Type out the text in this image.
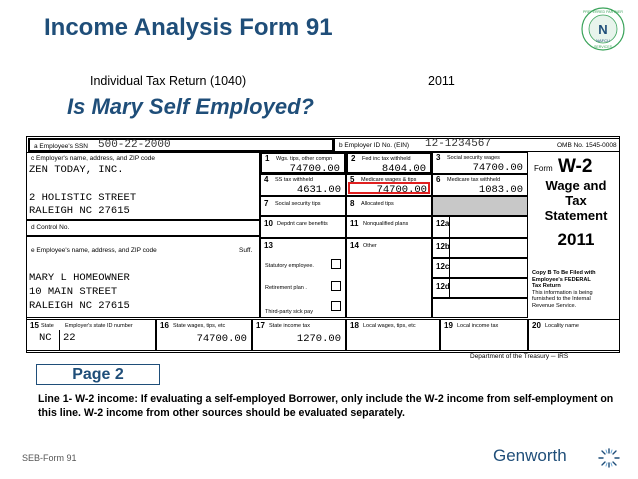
Income Analysis Form 91	N
NAFCU
PREFERRED PARTNER
SERVICES
Individual Tax Return (1040)	2011
Is Mary Self Employed?
a Employee's SSN 500-22-2000	b Employer ID No. (EIN) 12-1234567	OMB No. 1545-0008
c Employer's name, address, and ZIP code
ZEN TODAY, INC.
2 HOLISTIC STREET
RALEIGH NC 27615
d Control No.
e Employee's name, address, and ZIP code	Suff.
MARY L HOMEOWNER
10 MAIN STREET
RALEIGH NC 27615
1 Wgs. tips, other compn
74700.00
2 Fed inc tax withheld
8404.00
3 Social security wages
74700.00
4 SS tax withheld
4631.00
5 Medicare wages & tips
74700.00
6 Medicare tax withheld
1083.00
7 Social security tips	8 Allocated tips
10 Depdnt care benefits	11 Nonqualified plans	12a
13
Statutory employee.
Retirement plan .
Third-party sick pay
14 Other	12b
12c
12d
Form W-2
Wage and
Tax
Statement
2011
Copy B To Be Filed with
Employee's FEDERAL
Tax Return
This information is being
furnished to the Internal
Revenue Service.
15 State Employer's state ID number
NC 22
16 State wages, tips, etc
74700.00
17 State income tax
1270.00
18 Local wages, tips, etc	19 Local income tax	20 Locality name
Department of the Treasury ─ IRS
Page 2
Line 1- W-2 income: If evaluating a self-employed Borrower, only include the W-2 income from self-employment on this line. W-2 income from other sources should be evaluated separately.
SEB-Form 91	Genworth
